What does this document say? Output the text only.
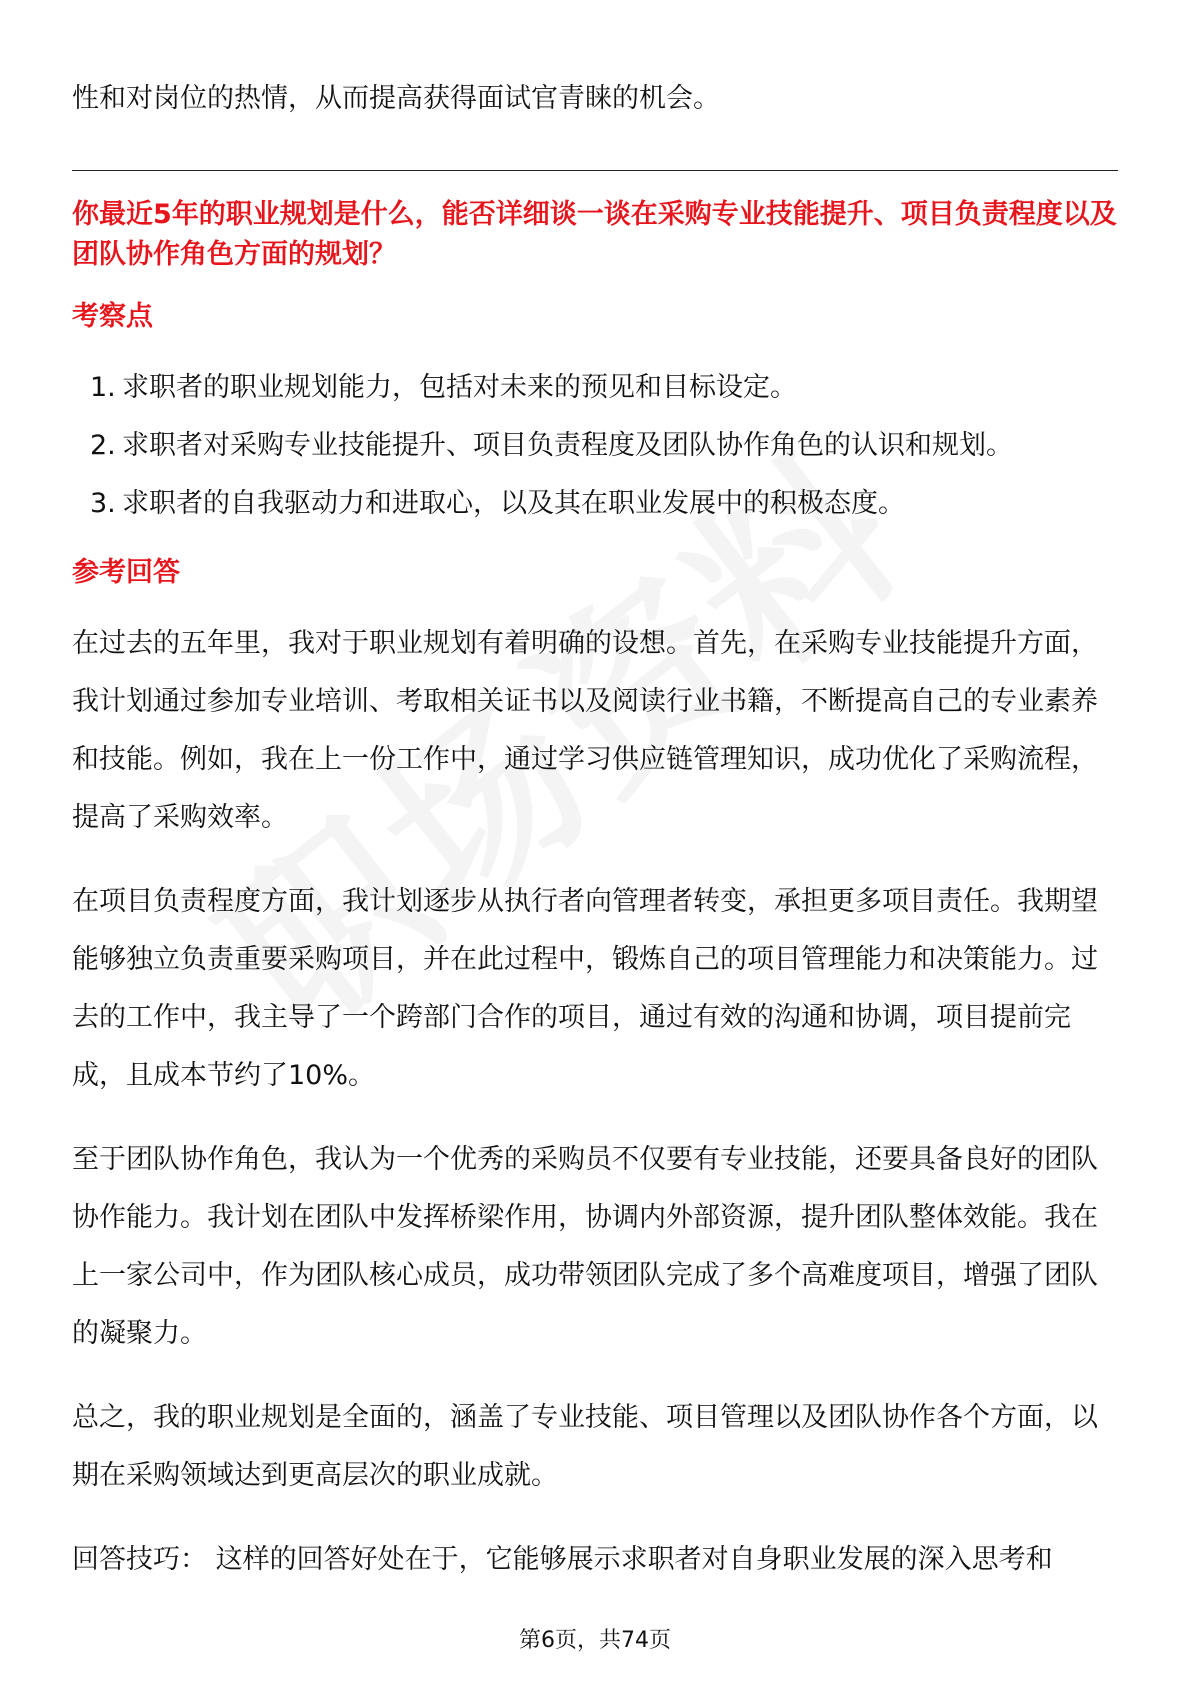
性和对岗位的热情，从而提高获得面试官青睐的机会。

你最近5年的职业规划是什么，能否详细谈一谈在采购专业技能提升、项目负责程度以及团队协作角色方面的规划？
考察点
1. 求职者的职业规划能力，包括对未来的预见和目标设定。
2. 求职者对采购专业技能提升、项目负责程度及团队协作角色的认识和规划。
3. 求职者的自我驱动力和进取心，以及其在职业发展中的积极态度。
参考回答

在过去的五年里，我对于职业规划有着明确的设想。首先，在采购专业技能提升方面，我计划通过参加专业培训、考取相关证书以及阅读行业书籍，不断提高自己的专业素养和技能。例如，我在上一份工作中，通过学习供应链管理知识，成功优化了采购流程，提高了采购效率。

在项目负责程度方面，我计划逐步从执行者向管理者转变，承担更多项目责任。我期望能够独立负责重要采购项目，并在此过程中，锻炼自己的项目管理能力和决策能力。过去的工作中，我主导了一个跨部门合作的项目，通过有效的沟通和协调，项目提前完成，且成本节约了10%。

至于团队协作角色，我认为一个优秀的采购员不仅要有专业技能，还要具备良好的团队协作能力。我计划在团队中发挥桥梁作用，协调内外部资源，提升团队整体效能。我在上一家公司中，作为团队核心成员，成功带领团队完成了多个高难度项目，增强了团队的凝聚力。

总之，我的职业规划是全面的，涵盖了专业技能、项目管理以及团队协作各个方面，以期在采购领域达到更高层次的职业成就。

回答技巧： 这样的回答好处在于，它能够展示求职者对自身职业发展的深入思考和

第6页，共74页
